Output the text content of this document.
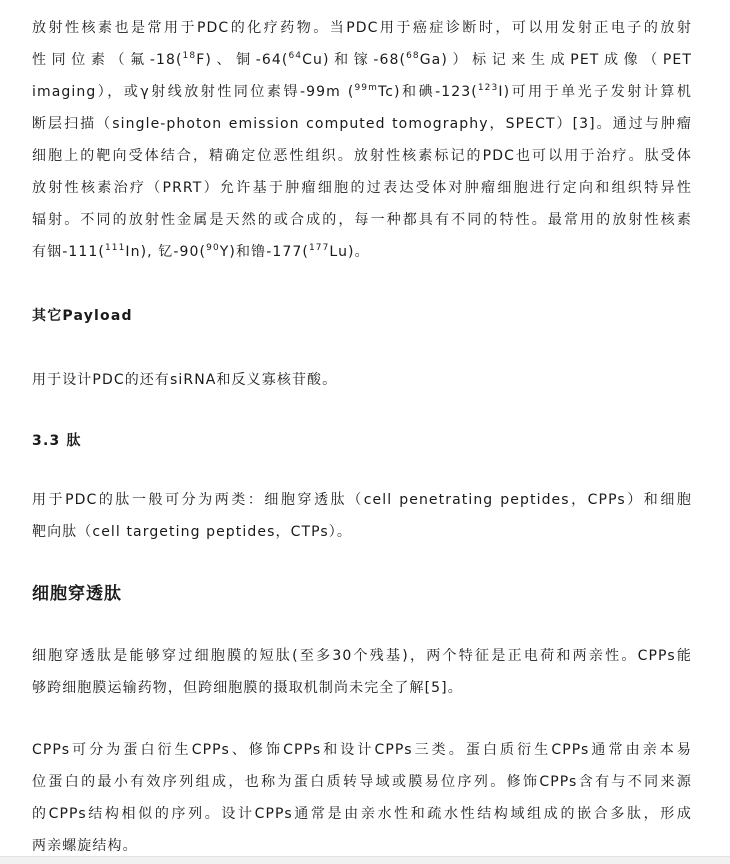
放射性核素也是常用于PDC的化疗药物。当PDC用于癌症诊断时，可以用发射正电子的放射
性同位素（氟-18($^{18}$F)、铜-64($^{64}$Cu)和镓-68($^{68}$Ga)）标记来生成PET成像（PET
imaging），或γ射线放射性同位素锝-99m ($^{99m}$Tc)和碘-123($^{123}$I)可用于单光子发射计算机
断层扫描（single-photon emission computed tomography，SPECT）[3]。通过与肿瘤
细胞上的靶向受体结合，精确定位恶性组织。放射性核素标记的PDC也可以用于治疗。肽受体
放射性核素治疗（PRRT）允许基于肿瘤细胞的过表达受体对肿瘤细胞进行定向和组织特异性
辐射。不同的放射性金属是天然的或合成的，每一种都具有不同的特性。最常用的放射性核素
有铟-111($^{111}$In), 钇-90($^{90}$Y)和镥-177($^{177}$Lu)。

其它Payload

用于设计PDC的还有siRNA和反义寡核苷酸。

3.3 肽

用于PDC的肽一般可分为两类：细胞穿透肽（cell penetrating peptides，CPPs）和细胞
靶向肽（cell targeting peptides，CTPs）。

细胞穿透肽

细胞穿透肽是能够穿过细胞膜的短肽(至多30个残基)，两个特征是正电荷和两亲性。CPPs能
够跨细胞膜运输药物，但跨细胞膜的摄取机制尚未完全了解[5]。

CPPs可分为蛋白衍生CPPs、修饰CPPs和设计CPPs三类。蛋白质衍生CPPs通常由亲本易
位蛋白的最小有效序列组成，也称为蛋白质转导域或膜易位序列。修饰CPPs含有与不同来源
的CPPs结构相似的序列。设计CPPs通常是由亲水性和疏水性结构域组成的嵌合多肽，形成
两亲螺旋结构。
